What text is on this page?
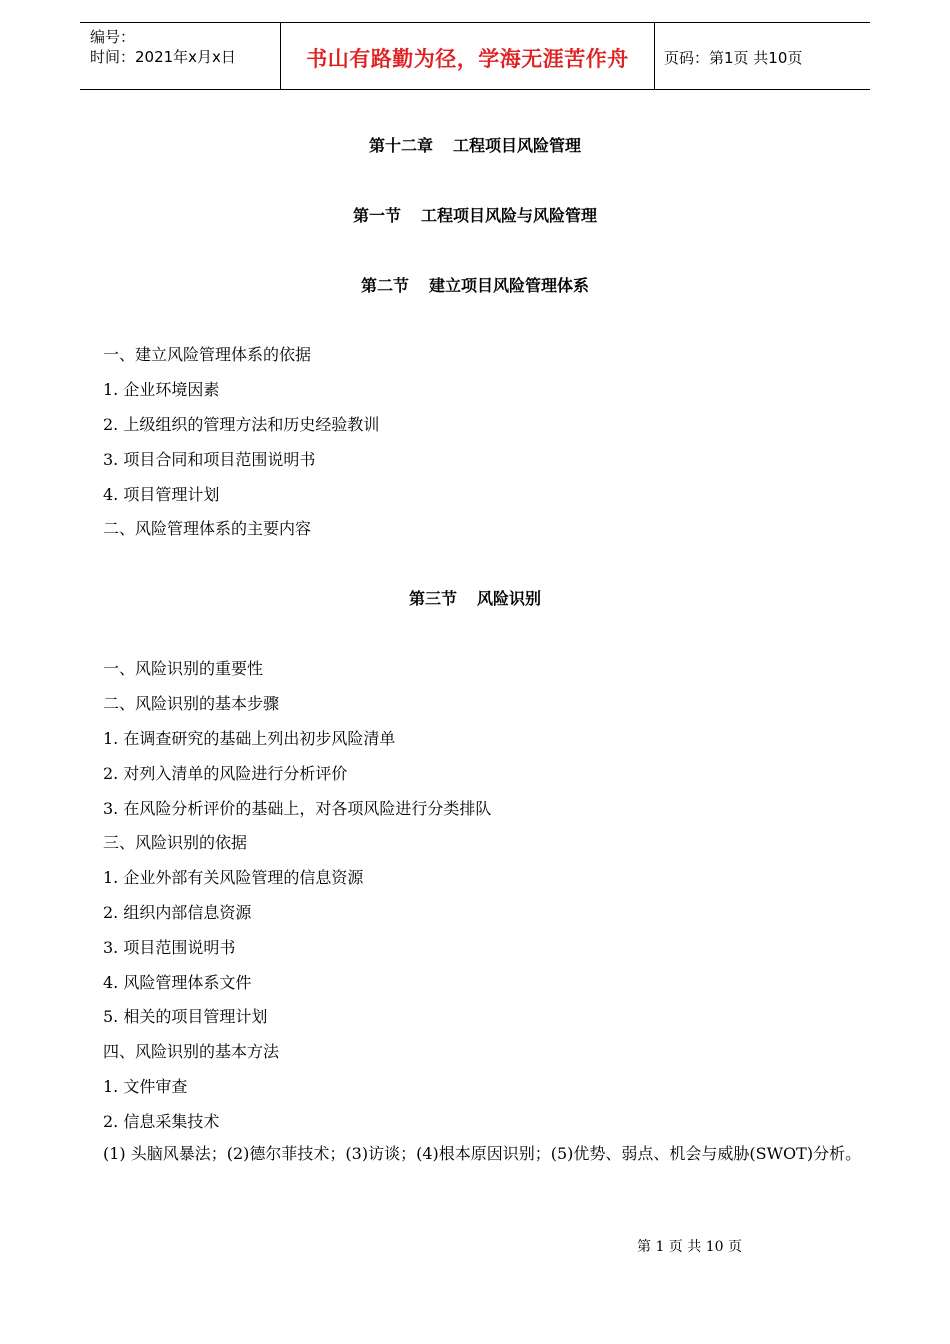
编号：
时间：2021年x月x日	书山有路勤为径，学海无涯苦作舟	页码：第1页 共10页
第十二章 工程项目风险管理
第一节 工程项目风险与风险管理
第二节 建立项目风险管理体系
一、建立风险管理体系的依据
1. 企业环境因素
2. 上级组织的管理方法和历史经验教训
3. 项目合同和项目范围说明书
4. 项目管理计划
二、风险管理体系的主要内容
第三节 风险识别
一、风险识别的重要性
二、风险识别的基本步骤
1. 在调查研究的基础上列出初步风险清单
2. 对列入清单的风险进行分析评价
3. 在风险分析评价的基础上，对各项风险进行分类排队
三、风险识别的依据
1. 企业外部有关风险管理的信息资源
2. 组织内部信息资源
3. 项目范围说明书
4. 风险管理体系文件
5. 相关的项目管理计划
四、风险识别的基本方法
1. 文件审查
2. 信息采集技术
(1) 头脑风暴法；(2)德尔菲技术；(3)访谈；(4)根本原因识别；(5)优势、弱点、机会与威胁(SWOT)分析。
第 1 页 共 10 页
